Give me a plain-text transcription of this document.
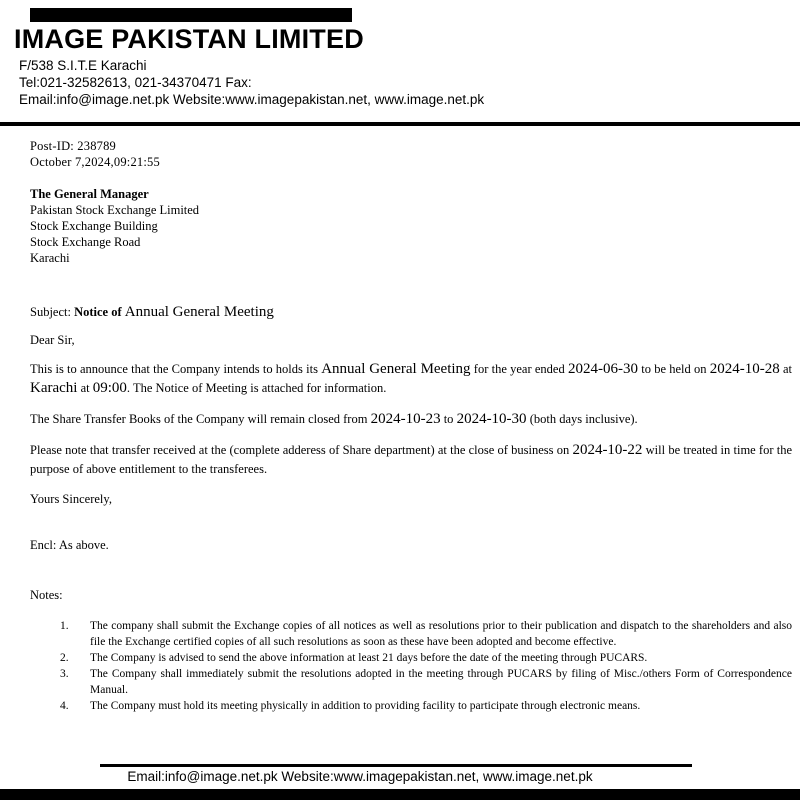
IMAGE PAKISTAN LIMITED
F/538 S.I.T.E Karachi
Tel:021-32582613, 021-34370471 Fax:
Email:info@image.net.pk Website:www.imagepakistan.net, www.image.net.pk
Post-ID: 238789
October 7,2024,09:21:55
The General Manager
Pakistan Stock Exchange Limited
Stock Exchange Building
Stock Exchange Road
Karachi

Subject: Notice of Annual General Meeting

Dear Sir,

This is to announce that the Company intends to holds its Annual General Meeting for the year ended 2024-06-30 to be held on 2024-10-28 at Karachi at 09:00. The Notice of Meeting is attached for information.

The Share Transfer Books of the Company will remain closed from 2024-10-23 to 2024-10-30 (both days inclusive).

Please note that transfer received at the (complete adderess of Share department) at the close of business on 2024-10-22 will be treated in time for the purpose of above entitlement to the transferees.

Yours Sincerely,
Encl: As above.
Notes:
1. The company shall submit the Exchange copies of all notices as well as resolutions prior to their publication and dispatch to the shareholders and also file the Exchange certified copies of all such resolutions as soon as these have been adopted and become effective.
2. The Company is advised to send the above information at least 21 days before the date of the meeting through PUCARS.
3. The Company shall immediately submit the resolutions adopted in the meeting through PUCARS by filing of Misc./others Form of Correspondence Manual.
4. The Company must hold its meeting physically in addition to providing facility to participate through electronic means.
Email:info@image.net.pk Website:www.imagepakistan.net, www.image.net.pk
